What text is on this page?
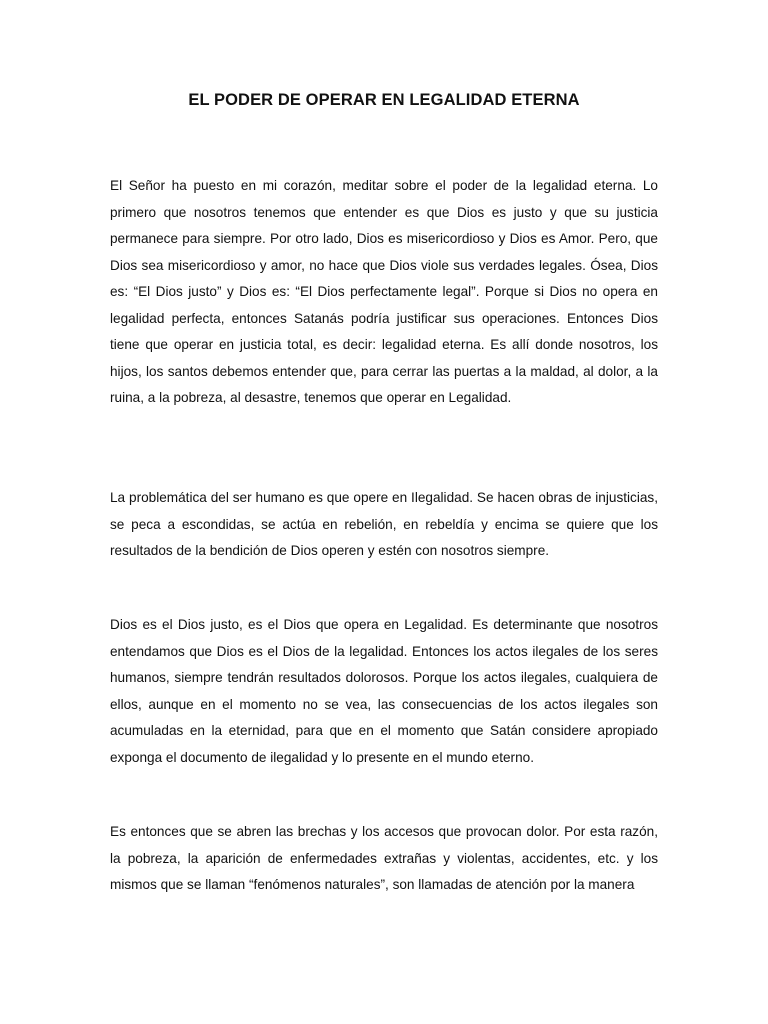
EL PODER DE OPERAR EN LEGALIDAD ETERNA

El Señor ha puesto en mi corazón, meditar sobre el poder de la legalidad eterna. Lo primero que nosotros tenemos que entender es que Dios es justo y que su justicia permanece para siempre. Por otro lado, Dios es misericordioso y Dios es Amor. Pero, que Dios sea misericordioso y amor, no hace que Dios viole sus verdades legales. Ósea, Dios es: “El Dios justo” y Dios es: “El Dios perfectamente legal”. Porque si Dios no opera en legalidad perfecta, entonces Satanás podría justificar sus operaciones. Entonces Dios tiene que operar en justicia total, es decir: legalidad eterna. Es allí donde nosotros, los hijos, los santos debemos entender que, para cerrar las puertas a la maldad, al dolor, a la ruina, a la pobreza, al desastre, tenemos que operar en Legalidad.

La problemática del ser humano es que opere en Ilegalidad. Se hacen obras de injusticias, se peca a escondidas, se actúa en rebelión, en rebeldía y encima se quiere que los resultados de la bendición de Dios operen y estén con nosotros siempre.

Dios es el Dios justo, es el Dios que opera en Legalidad. Es determinante que nosotros entendamos que Dios es el Dios de la legalidad. Entonces los actos ilegales de los seres humanos, siempre tendrán resultados dolorosos. Porque los actos ilegales, cualquiera de ellos, aunque en el momento no se vea, las consecuencias de los actos ilegales son acumuladas en la eternidad, para que en el momento que Satán considere apropiado exponga el documento de ilegalidad y lo presente en el mundo eterno.

Es entonces que se abren las brechas y los accesos que provocan dolor. Por esta razón, la pobreza, la aparición de enfermedades extrañas y violentas, accidentes, etc. y los mismos que se llaman “fenómenos naturales”, son llamadas de atención por la manera
